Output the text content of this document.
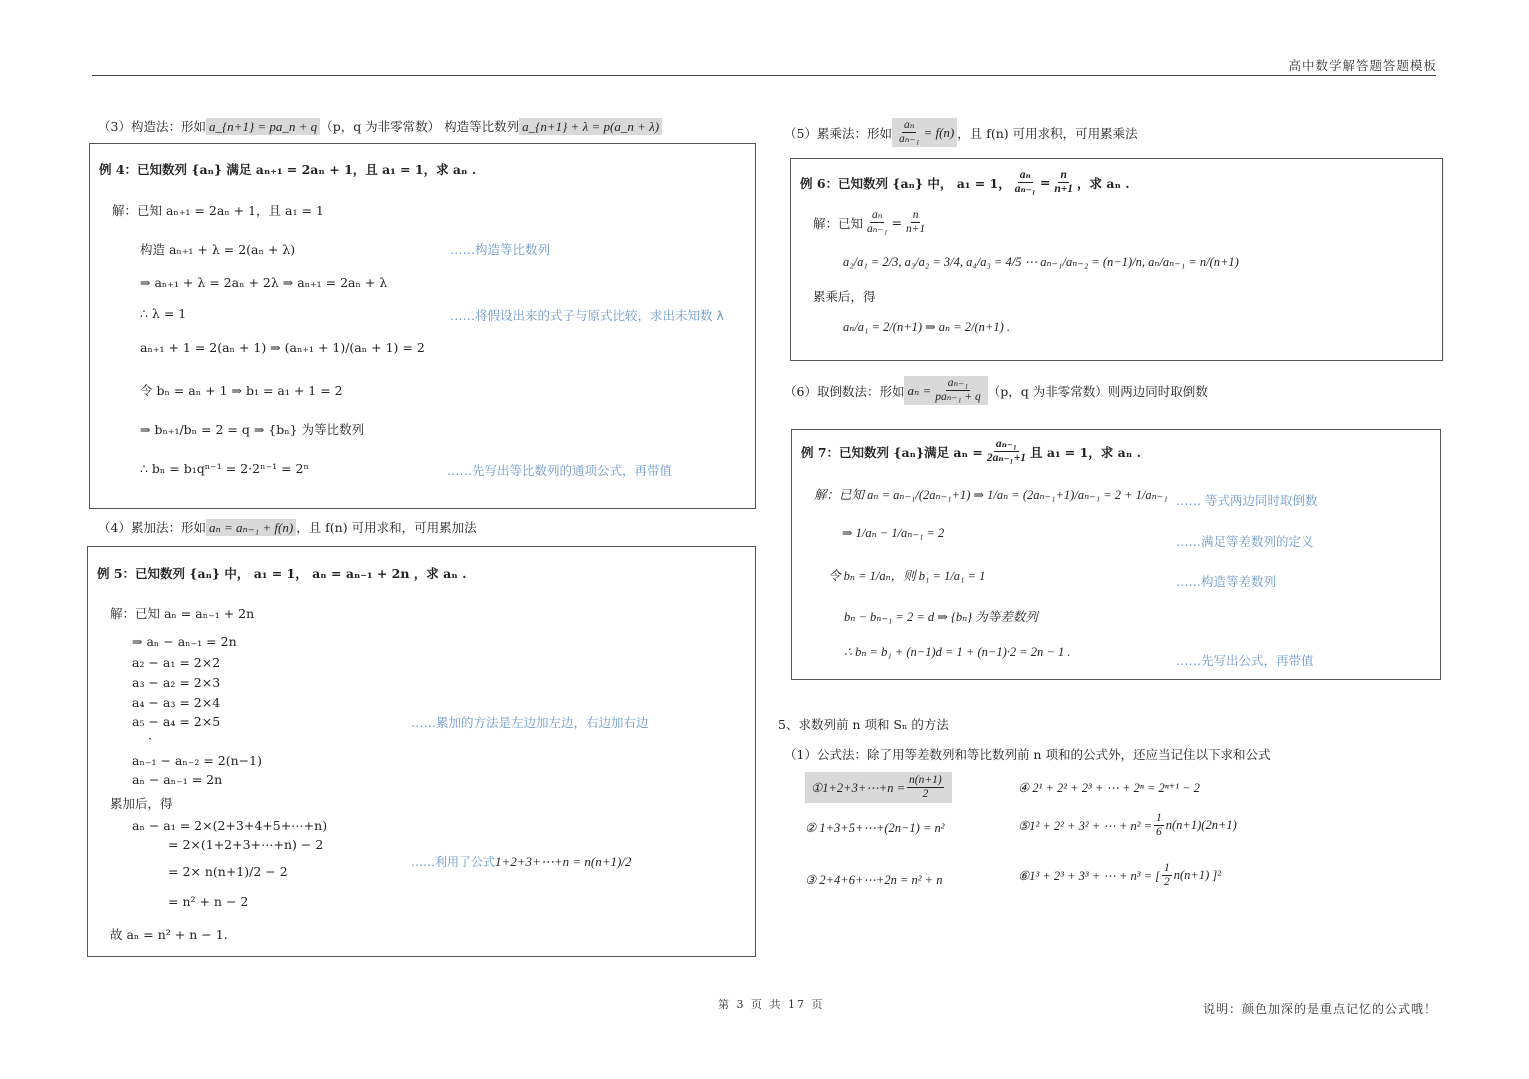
高中数学解答题答题模板
（3）构造法：形如 a_{n+1} = pa_n + q （p，q 为非零常数） 构造等比数列 a_{n+1} + λ = p(a_n + λ)
例 4：已知数列 {aₙ} 满足 aₙ₊₁ = 2aₙ + 1，且 a₁ = 1，求 aₙ .
解：已知 aₙ₊₁ = 2aₙ + 1，且 a₁ = 1
构造 aₙ₊₁ + λ = 2(aₙ + λ)
⇒ aₙ₊₁ + λ = 2aₙ + 2λ ⇒ aₙ₊₁ = 2aₙ + λ
∴ λ = 1
aₙ₊₁ + 1 = 2(aₙ + 1) ⇒ (aₙ₊₁ + 1)/(aₙ + 1) = 2
令 bₙ = aₙ + 1 ⇒ b₁ = a₁ + 1 = 2
⇒ bₙ₊₁/bₙ = 2 = q ⇒ {bₙ} 为等比数列
∴ bₙ = b₁qⁿ⁻¹ = 2·2ⁿ⁻¹ = 2ⁿ
……构造等比数列
……将假设出来的式子与原式比较，求出未知数 λ
……先写出等比数列的通项公式，再带值
（4）累加法：形如 aₙ = aₙ₋₁ + f(n) ，且 f(n) 可用求和，可用累加法
例 5：已知数列 {aₙ} 中， a₁ = 1， aₙ = aₙ₋₁ + 2n ，求 aₙ .
解：已知 aₙ = aₙ₋₁ + 2n
⇒ aₙ − aₙ₋₁ = 2n
a₂ − a₁ = 2×2
a₃ − a₂ = 2×3
a₄ − a₃ = 2×4
a₅ − a₄ = 2×5
·
aₙ₋₁ − aₙ₋₂ = 2(n−1)
aₙ − aₙ₋₁ = 2n
累加后，得
aₙ − a₁ = 2×(2+3+4+5+⋯+n)
= 2×(1+2+3+⋯+n) − 2
= 2× n(n+1)/2 − 2
= n² + n − 2
故 aₙ = n² + n − 1.
……累加的方法是左边加左边，右边加右边
……利用了公式1+2+3+⋯+n = n(n+1)/2
（5）累乘法：形如 $\frac{\text{aₙ}}{\text{aₙ₋₁}} = f(n)$ ，且 f(n) 可用求积，可用累乘法
例 6：已知数列 {aₙ} 中， a₁ = 1， $\frac{\text{aₙ}}{\text{aₙ₋₁}} = \frac{n}{n+1}$ ，求 aₙ .
解：已知 $\frac{\text{aₙ}}{\text{aₙ₋₁}} = \frac{n}{n+1}$
a₂/a₁ = 2/3, a₃/a₂ = 3/4, a₄/a₃ = 4/5 ⋯ aₙ₋₁/aₙ₋₂ = (n−1)/n, aₙ/aₙ₋₁ = n/(n+1)
累乘后，得
aₙ/a₁ = 2/(n+1) ⇒ aₙ = 2/(n+1) .
（6）取倒数法：形如 $a_n = \frac{\text{aₙ₋₁}}{\text{paₙ₋₁ + q}} (p$，q 为非零常数）则两边同时取倒数
例 7：已知数列 {aₙ}满足 $a_n = \frac{\text{aₙ₋₁}}{\text{2aₙ₋₁+1}}$ 且 a₁ = 1，求 aₙ .
解：已知 aₙ = aₙ₋₁/(2aₙ₋₁+1) ⇒ 1/aₙ = (2aₙ₋₁+1)/aₙ₋₁ = 2 + 1/aₙ₋₁
⇒ 1/aₙ − 1/aₙ₋₁ = 2
令 bₙ = 1/aₙ，则 b₁ = 1/a₁ = 1
bₙ − bₙ₋₁ = 2 = d ⇒ {bₙ} 为等差数列
∴ bₙ = b₁ + (n−1)d = 1 + (n−1)·2 = 2n − 1 .
…… 等式两边同时取倒数
……满足等差数列的定义
……构造等差数列
……先写出公式，再带值
5、求数列前 n 项和 Sₙ 的方法
（1）公式法：除了用等差数列和等比数列前 n 项和的公式外，还应当记住以下求和公式
① 1+2+3+⋯+n = $\frac{n(n+1)}{2}$	④ 2¹ + 2² + 2³ + ⋯ + 2ⁿ = 2ⁿ⁺¹ − 2
② 1+3+5+⋯+(2n−1) = n²	⑤ 1² + 2² + 3² + ⋯ + $n^2 = \frac{1}{6} n(n+1)(2n+1)$
③ 2+4+6+⋯+2n = n² + n	⑥ 1³ + 2³ + 3³ + ⋯ + n³ = [ $\frac{1}{2} n(n+1)$ ]²
第 3 页 共 17 页	说明：颜色加深的是重点记忆的公式哦！
